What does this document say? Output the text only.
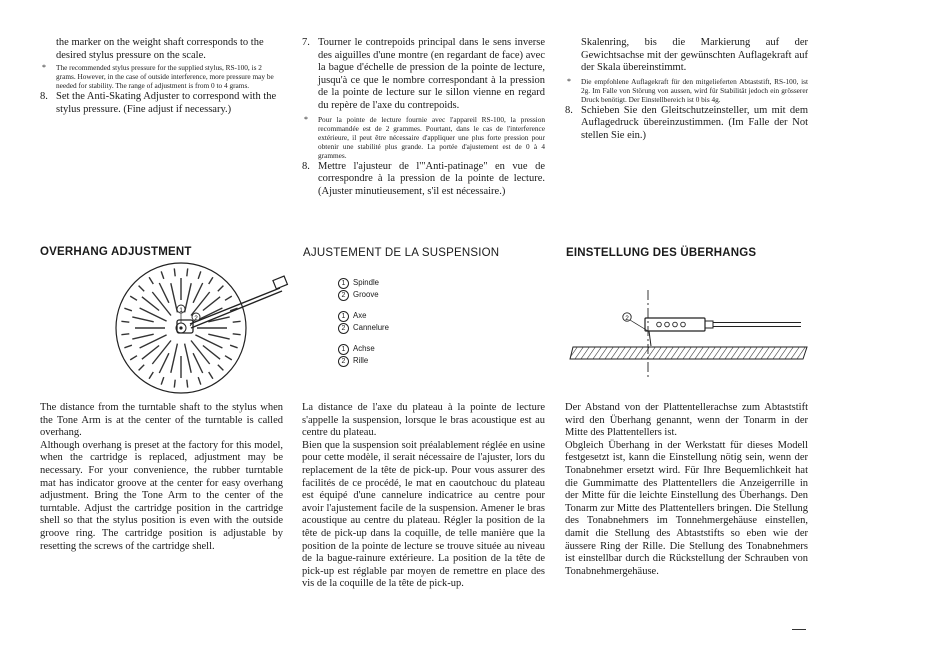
the marker on the weight shaft corresponds to the desired stylus pressure on the scale.

* The recommended stylus pressure for the supplied stylus, RS-100, is 2 grams. However, in the case of outside interference, more pressure may be needed for stability. The range of adjustment is from 0 to 4 grams.
8. Set the Anti-Skating Adjuster to correspond with the stylus pressure. (Fine adjust if necessary.)
7. Tourner le contrepoids principal dans le sens inverse des aiguilles d'une montre (en regardant de face) avec la bague d'échelle de pression de la pointe de lecture, jusqu'à ce que le nombre correspondant à la pression de la pointe de lecture sur le sillon vienne en regard du repère de l'axe du contrepoids.
* Pour la pointe de lecture fournie avec l'appareil RS-100, la pression recommandée est de 2 grammes. Pourtant, dans le cas de l'interference extérieure, il peut être nécessaire d'appliquer une plus forte pression pour obtenir une stabilité plus grande. La portée d'ajustement est de 0 à 4 grammes.
8. Mettre l'ajusteur de l'"Anti-patinage" en vue de correspondre à la pression de la pointe de lecture. (Ajuster minutieusement, s'il est nécessaire.)

Skalenring, bis die Markierung auf der Gewichtsachse mit der gewünschten Auflagekraft auf der Skala übereinstimmt.

* Die empfohlene Auflagekraft für den mitgelieferten Abtaststift, RS-100, ist 2g. Im Falle von Störung von aussen, wird für Stabilität jedoch ein grösserer Druck benötigt. Der Einstellbereich ist 0 bis 4g.
8. Schieben Sie den Gleitschutzeinsteller, um mit dem Auflagedruck übereinzustimmen. (Im Falle der Not stellen Sie ein.)
OVERHANG ADJUSTMENT	AJUSTEMENT DE LA SUSPENSION	EINSTELLUNG DES ÜBERHANGS
1
2
1 Spindle
2 Groove
1 Axe
2 Cannelure
1 Achse
2 Rille
2

The distance from the turntable shaft to the stylus when the Tone Arm is at the center of the turntable is called overhang.

Although overhang is preset at the factory for this model, when the cartridge is replaced, adjustment may be necessary. For your convenience, the rubber turntable mat has indicator groove at the center for easy overhang adjustment. Bring the Tone Arm to the center of the turntable. Adjust the cartridge position in the cartridge shell so that the stylus position is even with the outside groove ring. The cartridge position is adjustable by resetting the screws of the cartridge shell.

La distance de l'axe du plateau à la pointe de lecture s'appelle la suspension, lorsque le bras acoustique est au centre du plateau.

Bien que la suspension soit préalablement réglée en usine pour cette modèle, il serait nécessaire de l'ajuster, lors du replacement de la tête de pick-up. Pour vous assurer des facilités de ce procédé, le mat en caoutchouc du plateau est équipé d'une cannelure indicatrice au centre pour avoir l'ajustement facile de la suspension. Amener le bras acoustique au centre du plateau. Régler la position de la tête de pick-up dans la coquille, de telle manière que la position de la pointe de lecture se trouve située au niveau de la bague-rainure extérieure. La position de la tête de pick-up est réglable par moyen de remettre en place des vis de la coquille de la tête de pick-up.

Der Abstand von der Plattentellerachse zum Abtaststift wird den Überhang genannt, wenn der Tonarm in der Mitte des Plattentellers ist.

Obgleich Überhang in der Werkstatt für dieses Modell festgesetzt ist, kann die Einstellung nötig sein, wenn der Tonabnehmer ersetzt wird. Für Ihre Bequemlichkeit hat die Gummimatte des Plattentellers die Anzeigerrille in der Mitte für die leichte Einstellung des Überhangs. Den Tonarm zur Mitte des Plattentellers bringen. Die Stellung des Tonabnehmers im Tonnehmergehäuse einstellen, damit die Stellung des Abtaststifts so eben wie der äussere Ring der Rille. Die Stellung des Tonabnehmers ist einstellbar durch die Rückstellung der Schrauben von Tonabnehmergehäuse.
